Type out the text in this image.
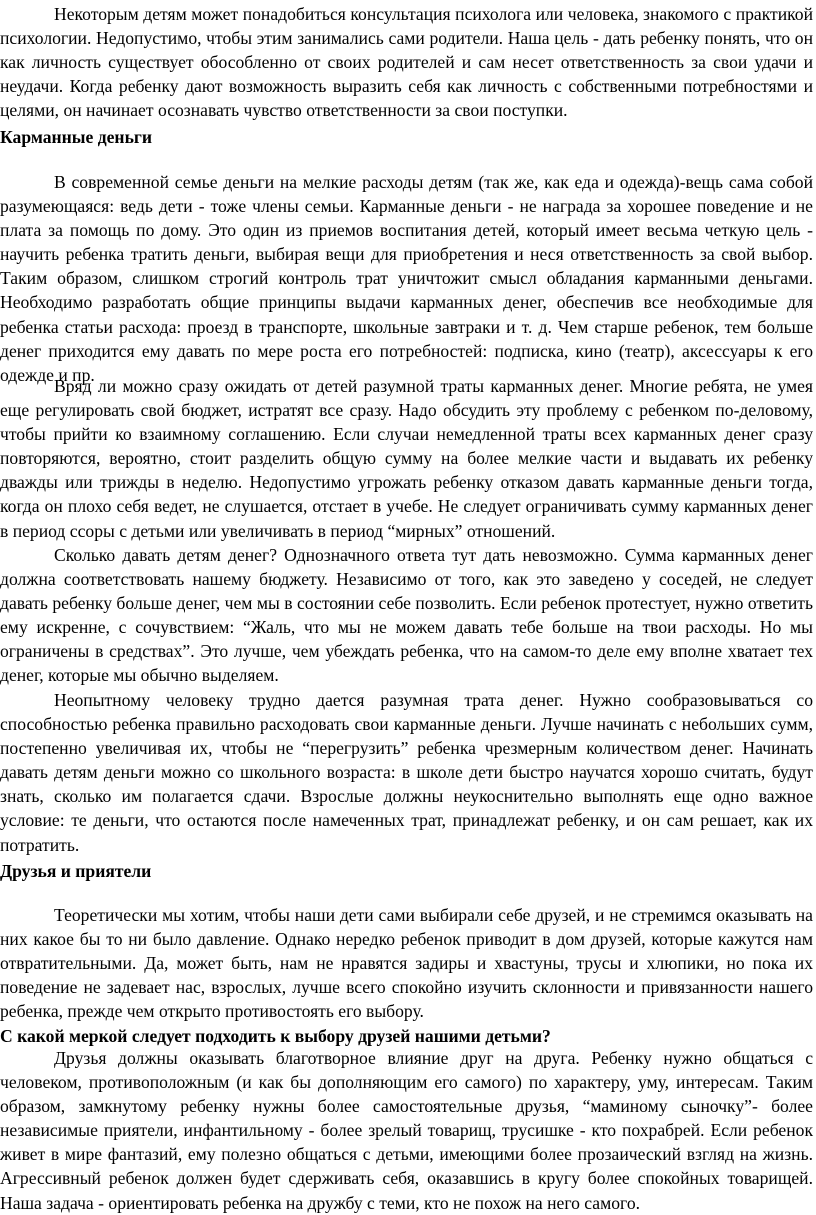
Некоторым детям может понадобиться консультация психолога или человека, знакомого с практикой психологии. Недопустимо, чтобы этим занимались сами родители. Наша цель - дать ребенку понять, что он как личность существует обособленно от своих родителей и сам несет ответственность за свои удачи и неудачи. Когда ребенку дают возможность выразить себя как личность с собственными потребностями и целями, он начинает осознавать чувство ответственности за свои поступки.

Карманные деньги

В современной семье деньги на мелкие расходы детям (так же, как еда и одежда)-вещь сама собой разумеющаяся: ведь дети - тоже члены семьи. Карманные деньги - не награда за хорошее поведение и не плата за помощь по дому. Это один из приемов воспитания детей, который имеет весьма четкую цель - научить ребенка тратить деньги, выбирая вещи для приобретения и неся ответственность за свой выбор. Таким образом, слишком строгий контроль трат уничтожит смысл обладания карманными деньгами. Необходимо разработать общие принципы выдачи карманных денег, обеспечив все необходимые для ребенка статьи расхода: проезд в транспорте, школьные завтраки и т. д. Чем старше ребенок, тем больше денег приходится ему давать по мере роста его потребностей: подписка, кино (театр), аксессуары к его одежде и пр.

Вряд ли можно сразу ожидать от детей разумной траты карманных денег. Многие ребята, не умея еще регулировать свой бюджет, истратят все сразу. Надо обсудить эту проблему с ребенком по-деловому, чтобы прийти ко взаимному соглашению. Если случаи немедленной траты всех карманных денег сразу повторяются, вероятно, стоит разделить общую сумму на более мелкие части и выдавать их ребенку дважды или трижды в неделю. Недопустимо угрожать ребенку отказом давать карманные деньги тогда, когда он плохо себя ведет, не слушается, отстает в учебе. Не следует ограничивать сумму карманных денег в период ссоры с детьми или увеличивать в период “мирных” отношений.

Сколько давать детям денег? Однозначного ответа тут дать невозможно. Сумма карманных денег должна соответствовать нашему бюджету. Независимо от того, как это заведено у соседей, не следует давать ребенку больше денег, чем мы в состоянии себе позволить. Если ребенок протестует, нужно ответить ему искренне, с сочувствием: “Жаль, что мы не можем давать тебе больше на твои расходы. Но мы ограничены в средствах”. Это лучше, чем убеждать ребенка, что на самом-то деле ему вполне хватает тех денег, которые мы обычно выделяем.

Неопытному человеку трудно дается разумная трата денег. Нужно сообразовываться со способностью ребенка правильно расходовать свои карманные деньги. Лучше начинать с небольших сумм, постепенно увеличивая их, чтобы не “перегрузить” ребенка чрезмерным количеством денег. Начинать давать детям деньги можно со школьного возраста: в школе дети быстро научатся хорошо считать, будут знать, сколько им полагается сдачи. Взрослые должны неукоснительно выполнять еще одно важное условие: те деньги, что остаются после намеченных трат, принадлежат ребенку, и он сам решает, как их потратить.

Друзья и приятели

Теоретически мы хотим, чтобы наши дети сами выбирали себе друзей, и не стремимся оказывать на них какое бы то ни было давление. Однако нередко ребенок приводит в дом друзей, которые кажутся нам отвратительными. Да, может быть, нам не нравятся задиры и хвастуны, трусы и хлюпики, но пока их поведение не задевает нас, взрослых, лучше всего спокойно изучить склонности и привязанности нашего ребенка, прежде чем открыто противостоять его выбору.

С какой меркой следует подходить к выбору друзей нашими детьми?

Друзья должны оказывать благотворное влияние друг на друга. Ребенку нужно общаться с человеком, противоположным (и как бы дополняющим его самого) по характеру, уму, интересам. Таким образом, замкнутому ребенку нужны более самостоятельные друзья, “маминому сыночку”- более независимые приятели, инфантильному - более зрелый товарищ, трусишке - кто похрабрей. Если ребенок живет в мире фантазий, ему полезно общаться с детьми, имеющими более прозаический взгляд на жизнь. Агрессивный ребенок должен будет сдерживать себя, оказавшись в кругу более спокойных товарищей. Наша задача - ориентировать ребенка на дружбу с теми, кто не похож на него самого.
